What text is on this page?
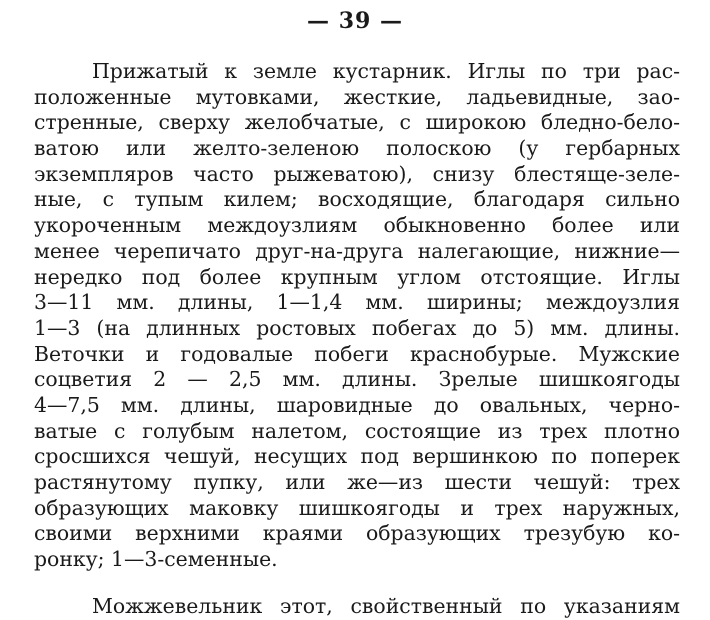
— 39 —
Прижатый к земле кустарник. Иглы по три рас-
положенные мутовками, жесткие, ладьевидные, зао-
стренные, сверху желобчатые, с широкою бледно-бело-
ватою или желто-зеленою полоскою (у гербарных
экземпляров часто рыжеватою), снизу блестяще-зеле-
ные, с тупым килем; восходящие, благодаря сильно
укороченным междоузлиям обыкновенно более или
менее черепичато друг-на-друга налегающие, нижние—
нередко под более крупным углом отстоящие. Иглы
3—11 мм. длины, 1—1,4 мм. ширины; междоузлия
1—3 (на длинных ростовых побегах до 5) мм. длины.
Веточки и годовалые побеги краснобурые. Мужские
соцветия 2 — 2,5 мм. длины. Зрелые шишкоягоды
4—7,5 мм. длины, шаровидные до овальных, черно-
ватые с голубым налетом, состоящие из трех плотно
сросшихся чешуй, несущих под вершинкою по поперек
растянутому пупку, или же—из шести чешуй: трех
образующих маковку шишкоягоды и трех наружных,
своими верхними краями образующих трезубую ко-
ронку; 1—3-семенные.
Можжевельник этот, свойственный по указаниям
